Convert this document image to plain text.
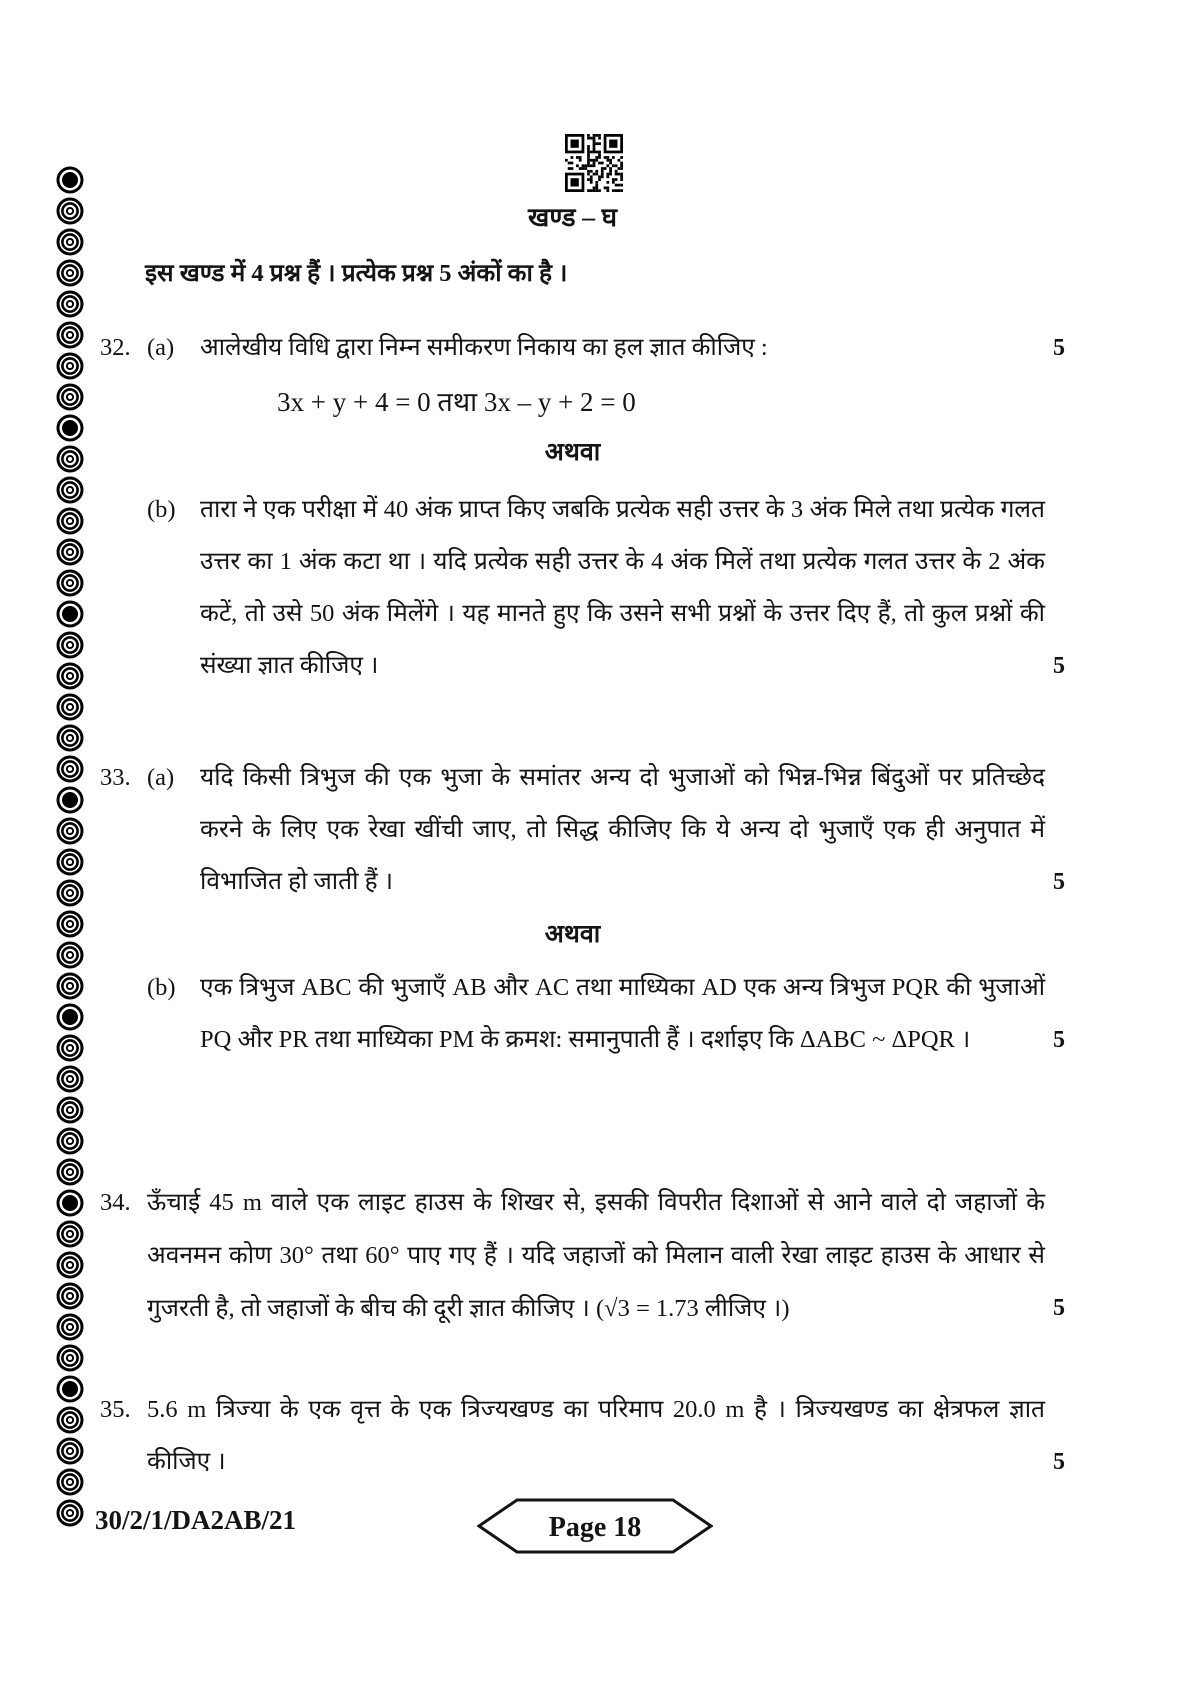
खण्ड – घ

इस खण्ड में 4 प्रश्न हैं । प्रत्येक प्रश्न 5 अंकों का है ।

32. (a)	आलेखीय विधि द्वारा निम्न समीकरण निकाय का हल ज्ञात कीजिए :	5
3x + y + 4 = 0 तथा 3x – y + 2 = 0
अथवा
(b) तारा ने एक परीक्षा में 40 अंक प्राप्त किए जबकि प्रत्येक सही उत्तर के 3 अंक मिले तथा प्रत्येक गलत उत्तर का 1 अंक कटा था । यदि प्रत्येक सही उत्तर के 4 अंक मिलें तथा प्रत्येक गलत उत्तर के 2 अंक कटें, तो उसे 50 अंक मिलेंगे । यह मानते हुए कि उसने सभी प्रश्नों के उत्तर दिए हैं, तो कुल प्रश्नों की संख्या ज्ञात कीजिए ।	5
33. (a)	यदि किसी त्रिभुज की एक भुजा के समांतर अन्य दो भुजाओं को भिन्न-भिन्न बिंदुओं पर प्रतिच्छेद करने के लिए एक रेखा खींची जाए, तो सिद्ध कीजिए कि ये अन्य दो भुजाएँ एक ही अनुपात में विभाजित हो जाती हैं ।	5
अथवा
(b) एक त्रिभुज ABC की भुजाएँ AB और AC तथा माध्यिका AD एक अन्य त्रिभुज PQR की भुजाओं PQ और PR तथा माध्यिका PM के क्रमश: समानुपाती हैं । दर्शाइए कि ΔABC ~ ΔPQR ।	5
34. ऊँचाई 45 m वाले एक लाइट हाउस के शिखर से, इसकी विपरीत दिशाओं से आने वाले दो जहाजों के अवनमन कोण 30° तथा 60° पाए गए हैं । यदि जहाजों को मिलान वाली रेखा लाइट हाउस के आधार से गुजरती है, तो जहाजों के बीच की दूरी ज्ञात कीजिए । (√3 = 1.73 लीजिए ।)	5
35. 5.6 m त्रिज्या के एक वृत्त के एक त्रिज्यखण्ड का परिमाप 20.0 m है । त्रिज्यखण्ड का क्षेत्रफल ज्ञात कीजिए ।	5
30/2/1/DA2AB/21	Page 18
